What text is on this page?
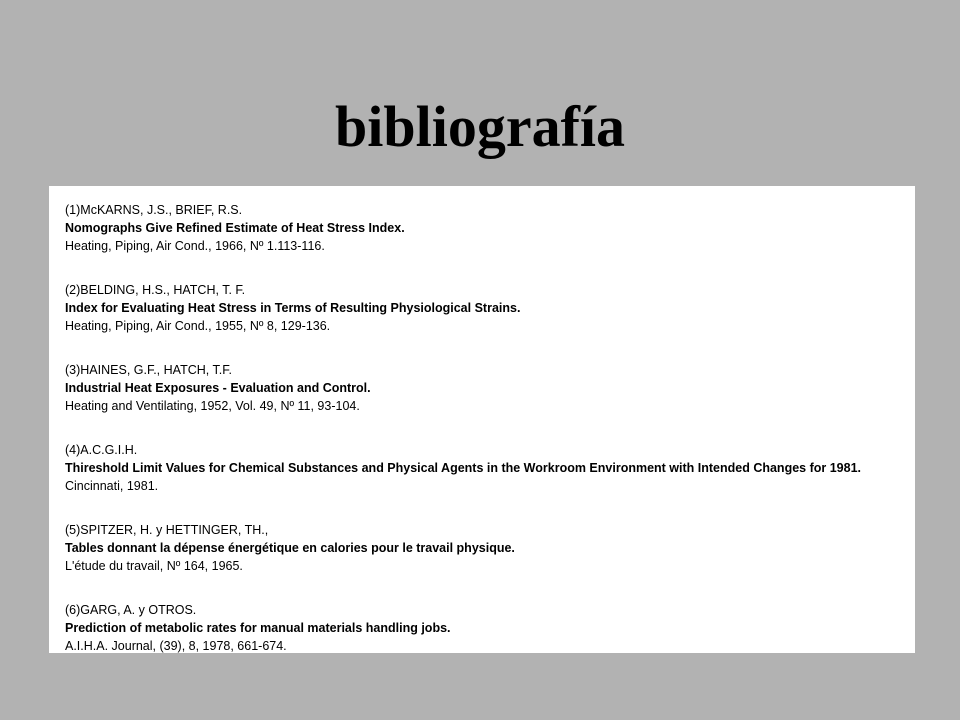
bibliografía
(1)McKARNS, J.S., BRIEF, R.S.
Nomographs Give Refined Estimate of Heat Stress Index.
Heating, Piping, Air Cond., 1966, Nº 1.113-116.
(2)BELDING, H.S., HATCH, T. F.
Index for Evaluating Heat Stress in Terms of Resulting Physiological Strains.
Heating, Piping, Air Cond., 1955, Nº 8, 129-136.
(3)HAINES, G.F., HATCH, T.F.
Industrial Heat Exposures - Evaluation and Control.
Heating and Ventilating, 1952, Vol. 49, Nº 11, 93-104.
(4)A.C.G.I.H.
Thireshold Limit Values for Chemical Substances and Physical Agents in the Workroom Environment with Intended Changes for 1981.
Cincinnati, 1981.
(5)SPITZER, H. y HETTINGER, TH.,
Tables donnant la dépense énergétique en calories pour le travail physique.
L'étude du travail, Nº 164, 1965.
(6)GARG, A. y OTROS.
Prediction of metabolic rates for manual materials handling jobs.
A.I.H.A. Journal, (39), 8, 1978, 661-674.
